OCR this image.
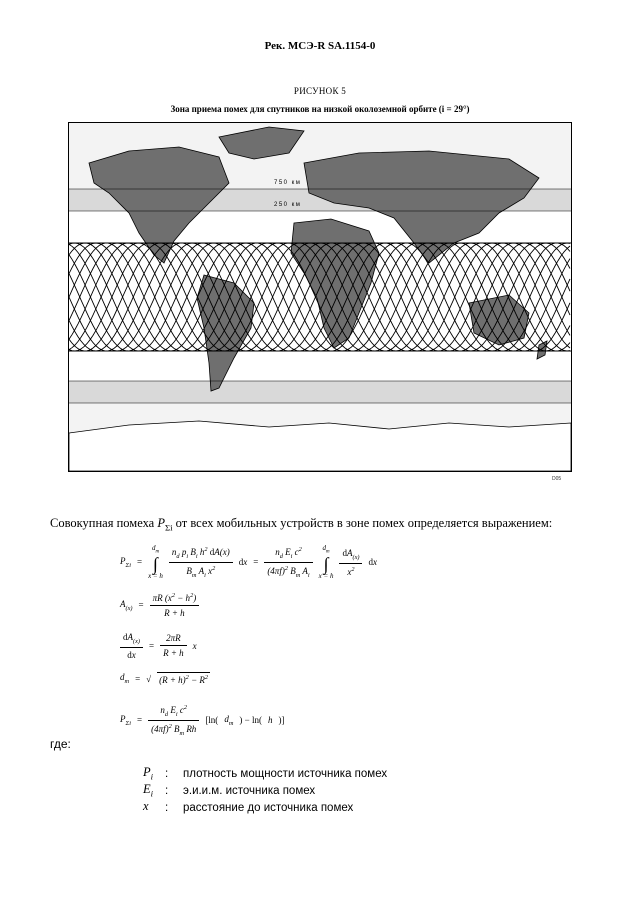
Рек. МСЭ-R SA.1154-0
РИСУНОК 5
Зона приема помех для спутников на низкой околоземной орбите (i = 29°)
750 км
250 км
D05
Совокупная помеха $P_{\Sigma i}$ от всех мобильных устройств в зоне помех определяется выражением:
$P_{\Sigma i}$ =
$d_m$
∫
x = h $\frac{n_d p_i B_i h^2 dA(x)}{B_m A_i x^2}$ dx = $\frac{n_d E_i c^2}{(4\pi f)^2 B_m A_i} d_m$
∫
x = h $\frac{dA_{(x)}}{x^2}$ dx
$A_{(x)} = \frac{\pi R (x^2 - h^2)}{R + h}$
$\frac{dA_{(x)}}{dx} = \frac{2\pi R}{R + h}$ x
$d_m$ = √ $(R + h)^2 - R^2$
$P_{\Sigma i} = \frac{n_d E_i c^2}{(4\pi f)^2 B_m Rh} [\ln$( $d_m$ ) − ln( h )]
где:
$P_i$	:	плотность мощности источника помех
$E_i$	:	э.и.и.м. источника помех
x	:	расстояние до источника помех
